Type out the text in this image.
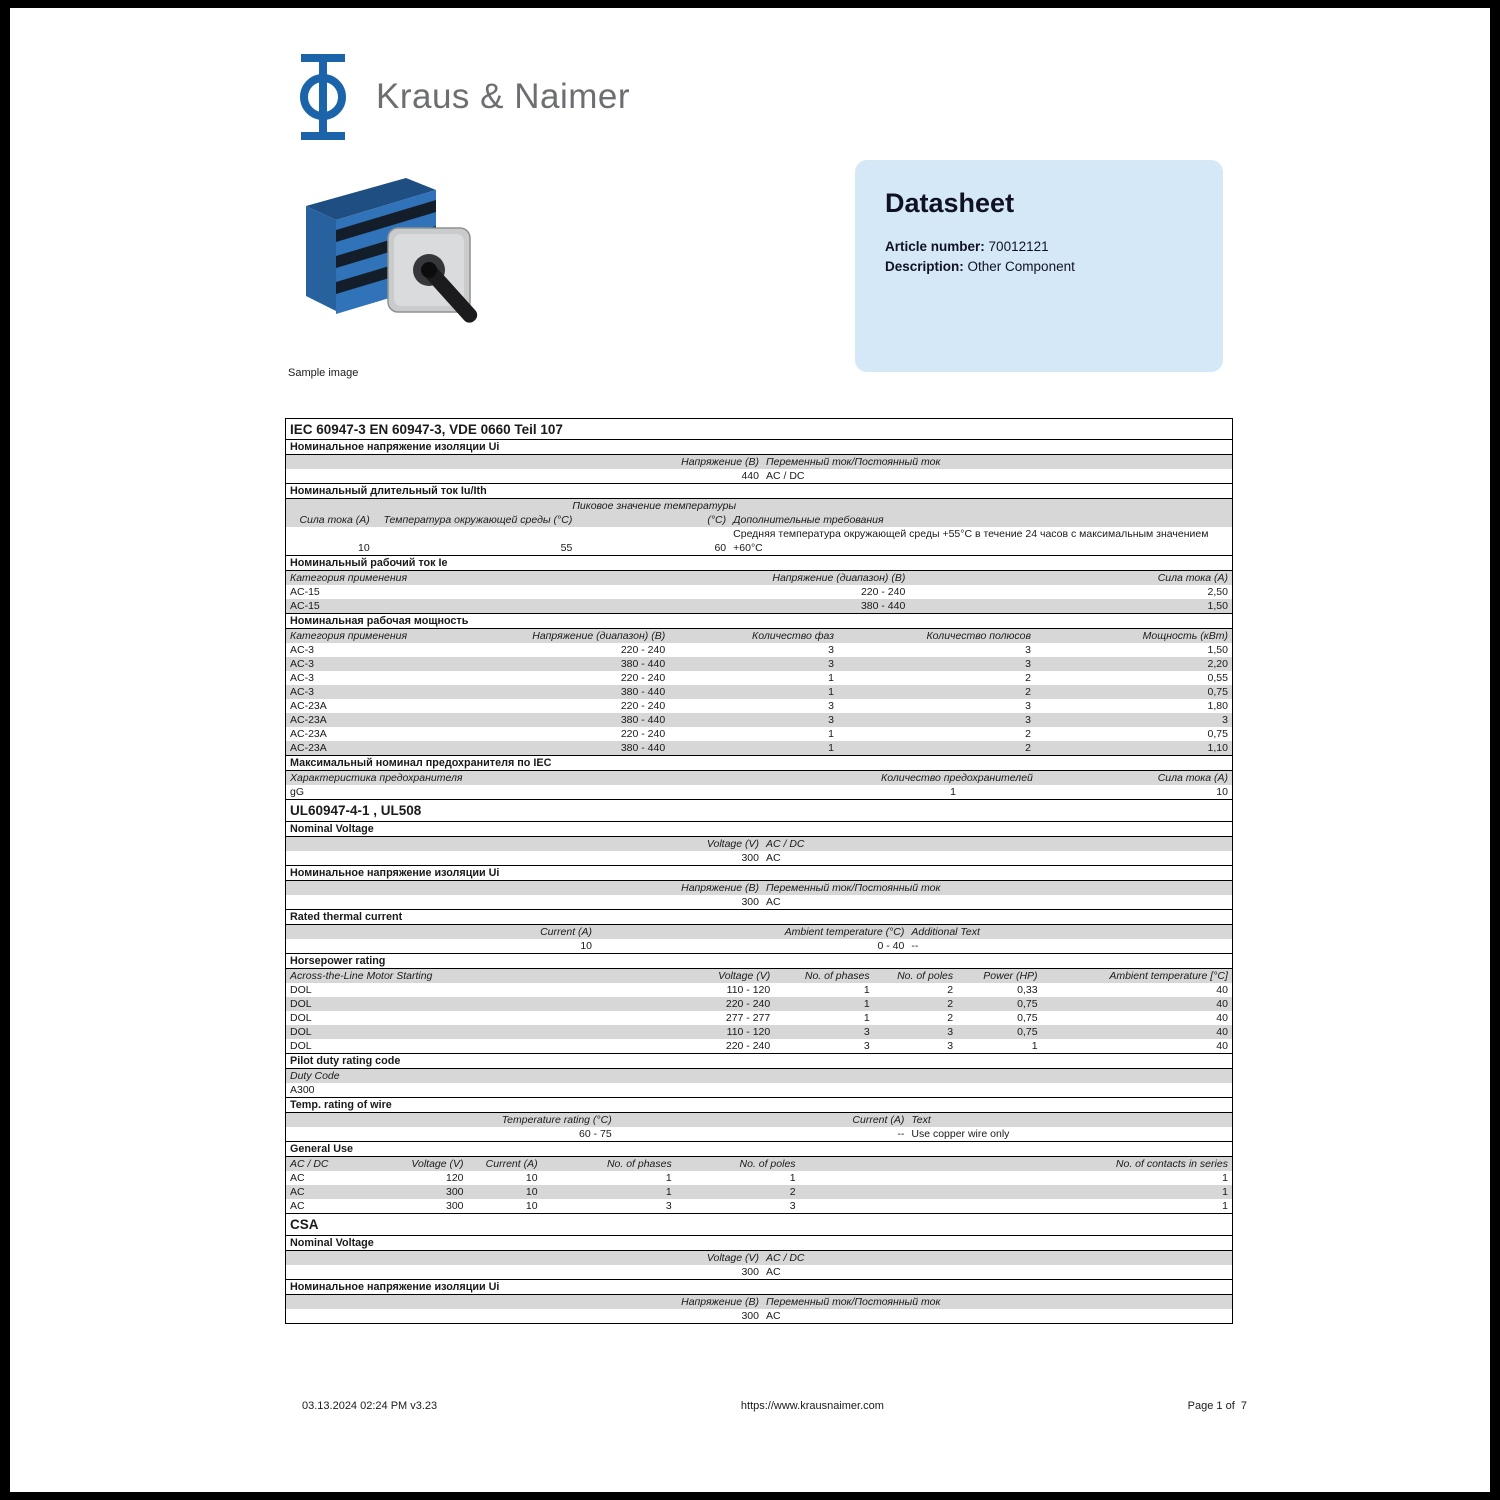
Kraus & Naimer
Sample image
Datasheet
Article number: 70012121
Description: Other Component
IEC 60947-3 EN 60947-3, VDE 0660 Teil 107
Номинальное напряжение изоляции Ui
Напряжение (В) Переменный ток/Постоянный ток
440 AC / DC
Номинальный длительный ток Iu/Ith
Пиковое значение температуры
Сила тока (А)	Температура окружающей среды (°C)	(°C) Дополнительные требования
Средняя температура окружающей среды +55°C в течение 24 часов с максимальным значением
10	55	60 +60°C
Номинальный рабочий ток Ie
Категория применения	Напряжение (диапазон) (В)	Сила тока (А)
AC-15	220 - 240	2,50
AC-15	380 - 440	1,50
Номинальная рабочая мощность
Категория применения	Напряжение (диапазон) (В)	Количество фаз	Количество полюсов	Мощность (кВт)
AC-3	220 - 240	3	3	1,50
AC-3	380 - 440	3	3	2,20
AC-3	220 - 240	1	2	0,55
AC-3	380 - 440	1	2	0,75
AC-23A	220 - 240	3	3	1,80
AC-23A	380 - 440	3	3	3
AC-23A	220 - 240	1	2	0,75
AC-23A	380 - 440	1	2	1,10
Максимальный номинал предохранителя по IEC
Характеристика предохранителя	Количество предохранителей	Сила тока (А)
gG	1	10
UL60947-4-1 , UL508
Nominal Voltage
Voltage (V) AC / DC
300 AC
Номинальное напряжение изоляции Ui
Напряжение (В) Переменный ток/Постоянный ток
300 AC
Rated thermal current
Current (A)	Ambient temperature (°C) Additional Text
10	0 - 40 --
Horsepower rating
Across-the-Line Motor Starting	Voltage (V)	No. of phases	No. of poles	Power (HP)	Ambient temperature [°C]
DOL	110 - 120	1	2	0,33	40
DOL	220 - 240	1	2	0,75	40
DOL	277 - 277	1	2	0,75	40
DOL	110 - 120	3	3	0,75	40
DOL	220 - 240	3	3	1	40
Pilot duty rating code
Duty Code
A300
Temp. rating of wire
Temperature rating (°C)	Current (A) Text
60 - 75	-- Use copper wire only
General Use
AC / DC	Voltage (V)	Current (A)	No. of phases	No. of poles	No. of contacts in series
AC	120	10	1	1	1
AC	300	10	1	2	1
AC	300	10	3	3	1
CSA
Nominal Voltage
Voltage (V) AC / DC
300 AC
Номинальное напряжение изоляции Ui
Напряжение (В) Переменный ток/Постоянный ток
300 AC
03.13.2024 02:24 PM v3.23	https://www.krausnaimer.com	Page 1 of  7
